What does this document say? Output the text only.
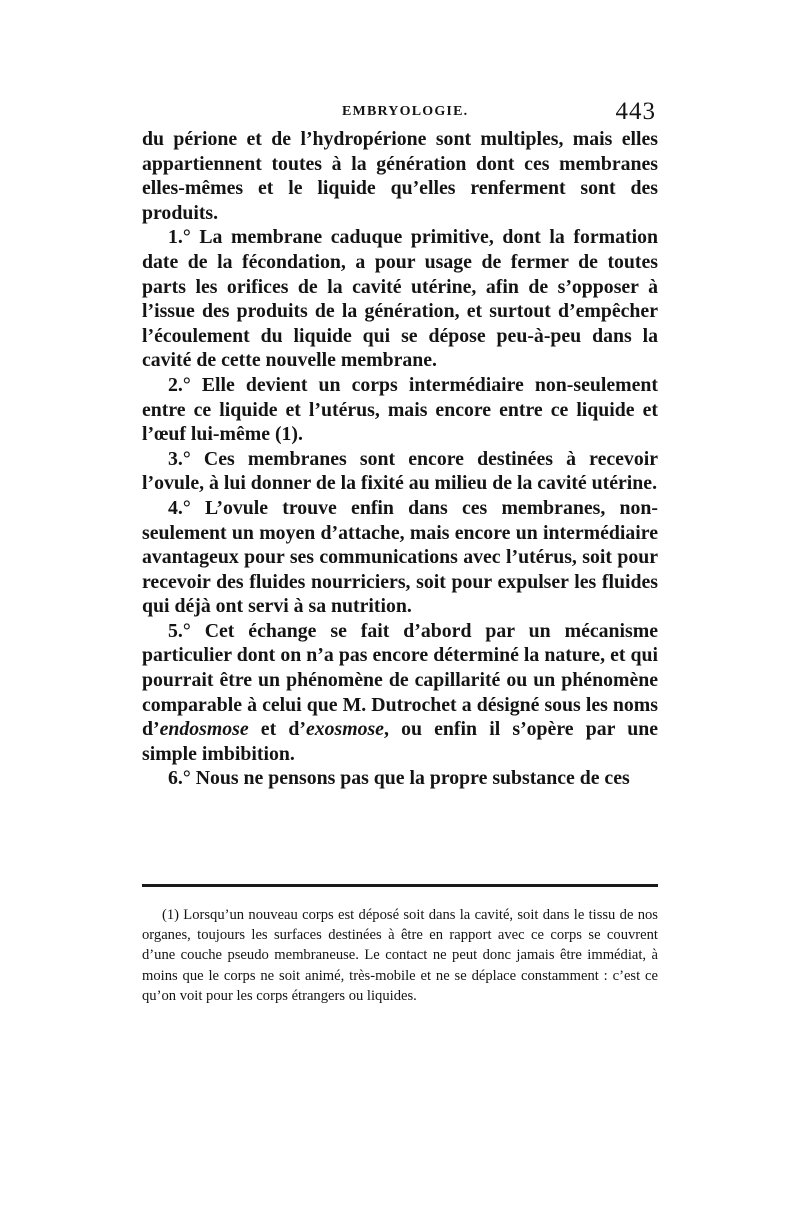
EMBRYOLOGIE.	443

du périone et de l’hydropérione sont multiples, mais elles appartiennent toutes à la génération dont ces membranes elles-mêmes et le liquide qu’elles renferment sont des produits.

1.° La membrane caduque primitive, dont la formation date de la fécondation, a pour usage de fermer de toutes parts les orifices de la cavité utérine, afin de s’opposer à l’issue des produits de la génération, et surtout d’empêcher l’écoulement du liquide qui se dépose peu-à-peu dans la cavité de cette nouvelle membrane.

2.° Elle devient un corps intermédiaire non-seulement entre ce liquide et l’utérus, mais encore entre ce liquide et l’œuf lui-même (1).

3.° Ces membranes sont encore destinées à recevoir l’ovule, à lui donner de la fixité au milieu de la cavité utérine.

4.° L’ovule trouve enfin dans ces membranes, non-seulement un moyen d’attache, mais encore un intermédiaire avantageux pour ses communications avec l’utérus, soit pour recevoir des fluides nourriciers, soit pour expulser les fluides qui déjà ont servi à sa nutrition.

5.° Cet échange se fait d’abord par un mécanisme particulier dont on n’a pas encore déterminé la nature, et qui pourrait être un phénomène de capillarité ou un phénomène comparable à celui que M. Dutrochet a désigné sous les noms d’endosmose et d’exosmose, ou enfin il s’opère par une simple imbibition.

6.° Nous ne pensons pas que la propre substance de ces

(1) Lorsqu’un nouveau corps est déposé soit dans la cavité, soit dans le tissu de nos organes, toujours les surfaces destinées à être en rapport avec ce corps se couvrent d’une couche pseudo membraneuse. Le contact ne peut donc jamais être immédiat, à moins que le corps ne soit animé, très-mobile et ne se déplace constamment : c’est ce qu’on voit pour les corps étrangers ou liquides.
